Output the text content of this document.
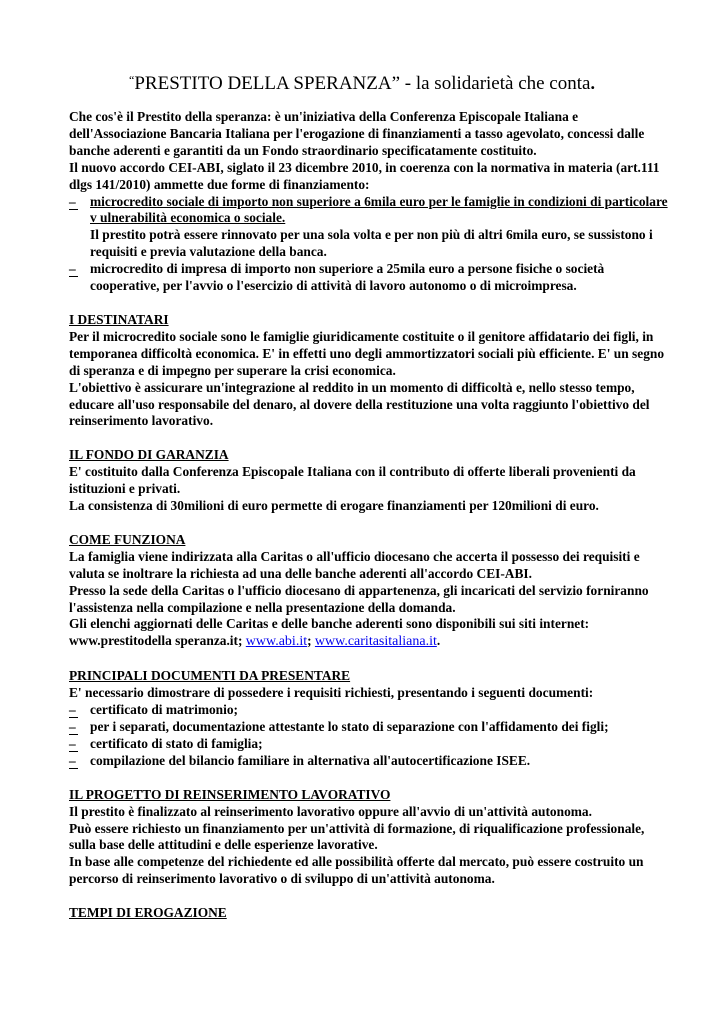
“PRESTITO DELLA SPERANZA” - la solidarietà che conta.

Che cos'è il Prestito della speranza: è un'iniziativa della Conferenza Episcopale Italiana e dell'Associazione Bancaria Italiana per l'erogazione di finanziamenti a tasso agevolato, concessi dalle banche aderenti e garantiti da un Fondo straordinario specificatamente costituito.

Il nuovo accordo CEI-ABI, siglato il 23 dicembre 2010, in coerenza con la normativa in materia (art.111 dlgs 141/2010) ammette due forme di finanziamento:

–
microcredito sociale di importo non superiore a 6mila euro per le famiglie in condizioni di particolare v ulnerabilità economica o sociale.

Il prestito potrà essere rinnovato per una sola volta e per non più di altri 6mila euro, se sussistono i requisiti e previa valutazione della banca.

–
microcredito di impresa di importo non superiore a 25mila euro a persone fisiche o società cooperative, per l'avvio o l'esercizio di attività di lavoro autonomo o di microimpresa.
I DESTINATARI

Per il microcredito sociale sono le famiglie giuridicamente costituite o il genitore affidatario dei figli, in temporanea difficoltà economica. E' in effetti uno degli ammortizzatori sociali più efficiente. E' un segno di speranza e di impegno per superare la crisi economica.

L'obiettivo è assicurare un'integrazione al reddito in un momento di difficoltà e, nello stesso tempo, educare all'uso responsabile del denaro, al dovere della restituzione una volta raggiunto l'obiettivo del reinserimento lavorativo.

IL FONDO DI GARANZIA

E' costituito dalla Conferenza Episcopale Italiana con il contributo di offerte liberali provenienti da istituzioni e privati.

La consistenza di 30milioni di euro permette di erogare finanziamenti per 120milioni di euro.

COME FUNZIONA

La famiglia viene indirizzata alla Caritas o all'ufficio diocesano che accerta il possesso dei requisiti e valuta se inoltrare la richiesta ad una delle banche aderenti all'accordo CEI-ABI.

Presso la sede della Caritas o l'ufficio diocesano di appartenenza, gli incaricati del servizio forniranno l'assistenza nella compilazione e nella presentazione della domanda.

Gli elenchi aggiornati delle Caritas e delle banche aderenti sono disponibili sui siti internet:

www.prestitodella speranza.it; www.abi.it; www.caritasitaliana.it.

PRINCIPALI DOCUMENTI DA PRESENTARE

E' necessario dimostrare di possedere i requisiti richiesti, presentando i seguenti documenti:

–
certificato di matrimonio;
–
per i separati, documentazione attestante lo stato di separazione con l'affidamento dei figli;
–
certificato di stato di famiglia;
–
compilazione del bilancio familiare in alternativa all'autocertificazione ISEE.
IL PROGETTO DI REINSERIMENTO LAVORATIVO

Il prestito è finalizzato al reinserimento lavorativo oppure all'avvio di un'attività autonoma.

Può essere richiesto un finanziamento per un'attività di formazione, di riqualificazione professionale, sulla base delle attitudini e delle esperienze lavorative.

In base alle competenze del richiedente ed alle possibilità offerte dal mercato, può essere costruito un percorso di reinserimento lavorativo o di sviluppo di un'attività autonoma.

TEMPI DI EROGAZIONE
